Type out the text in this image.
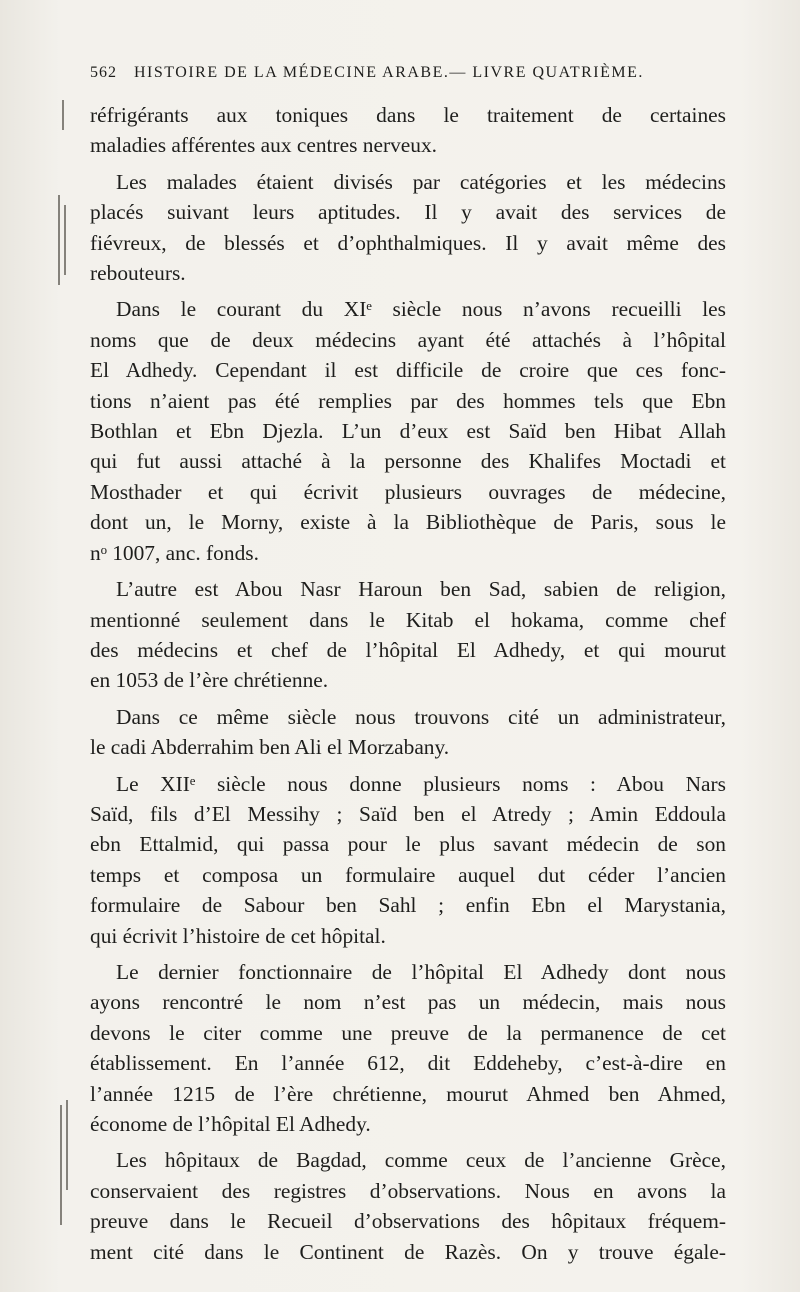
562 HISTOIRE DE LA MÉDECINE ARABE.— LIVRE QUATRIÈME.

réfrigérants aux toniques dans le traitement de certaines
maladies afférentes aux centres nerveux.

Les malades étaient divisés par catégories et les médecins
placés suivant leurs aptitudes. Il y avait des services de
fiévreux, de blessés et d’ophthalmiques. Il y avait même des
rebouteurs.

Dans le courant du XIᵉ siècle nous n’avons recueilli les
noms que de deux médecins ayant été attachés à l’hôpital
El Adhedy. Cependant il est difficile de croire que ces fonc-
tions n’aient pas été remplies par des hommes tels que Ebn
Bothlan et Ebn Djezla. L’un d’eux est Saïd ben Hibat Allah
qui fut aussi attaché à la personne des Khalifes Moctadi et
Mosthader et qui écrivit plusieurs ouvrages de médecine,
dont un, le Morny, existe à la Bibliothèque de Paris, sous le
nᵒ 1007, anc. fonds.

L’autre est Abou Nasr Haroun ben Sad, sabien de religion,
mentionné seulement dans le Kitab el hokama, comme chef
des médecins et chef de l’hôpital El Adhedy, et qui mourut
en 1053 de l’ère chrétienne.

Dans ce même siècle nous trouvons cité un administrateur,
le cadi Abderrahim ben Ali el Morzabany.

Le XIIᵉ siècle nous donne plusieurs noms : Abou Nars
Saïd, fils d’El Messihy ; Saïd ben el Atredy ; Amin Eddoula
ebn Ettalmid, qui passa pour le plus savant médecin de son
temps et composa un formulaire auquel dut céder l’ancien
formulaire de Sabour ben Sahl ; enfin Ebn el Marystania,
qui écrivit l’histoire de cet hôpital.

Le dernier fonctionnaire de l’hôpital El Adhedy dont nous
ayons rencontré le nom n’est pas un médecin, mais nous
devons le citer comme une preuve de la permanence de cet
établissement. En l’année 612, dit Eddeheby, c’est-à-dire en
l’année 1215 de l’ère chrétienne, mourut Ahmed ben Ahmed,
économe de l’hôpital El Adhedy.

Les hôpitaux de Bagdad, comme ceux de l’ancienne Grèce,
conservaient des registres d’observations. Nous en avons la
preuve dans le Recueil d’observations des hôpitaux fréquem-
ment cité dans le Continent de Razès. On y trouve égale-
